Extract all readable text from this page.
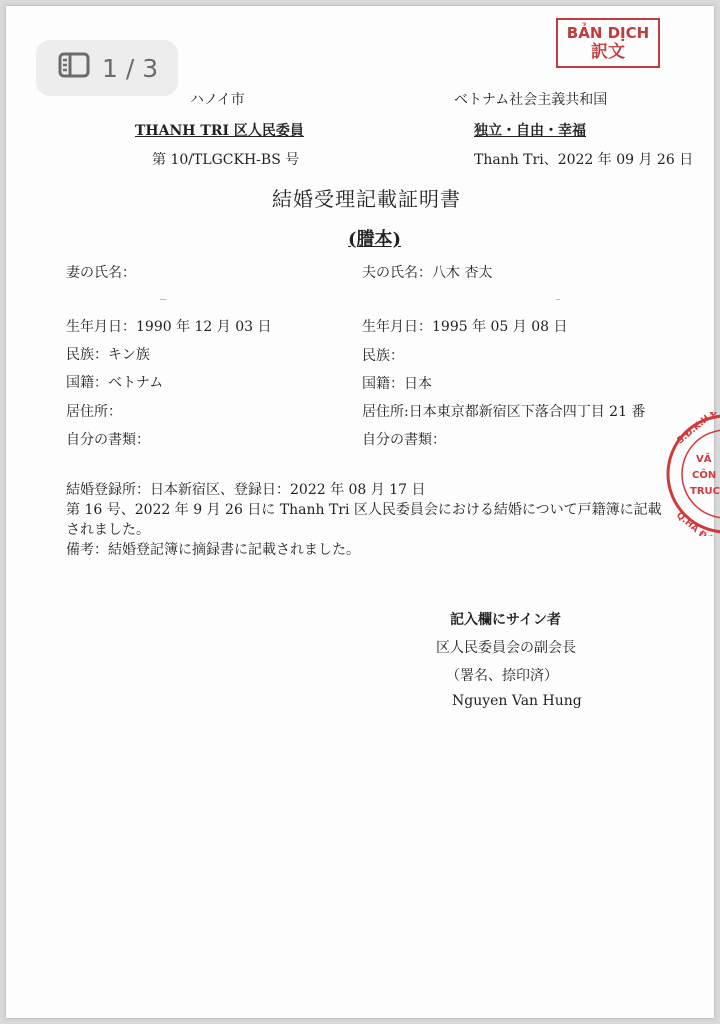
1 / 3
BẢN DỊCH
訳文
ハノイ市
THANH TRI 区人民委員
第 10/TLGCKH-BS 号
ベトナム社会主義共和国
独立・自由・幸福
Thanh Tri、2022 年 09 月 26 日
結婚受理記載証明書
(謄本)
妻の氏名：
生年月日：1990 年 12 月 03 日
民族：キン族
国籍：ベトナム
居住所：
自分の書類：
夫の氏名：八木 杏太
生年月日：1995 年 05 月 08 日
民族：
国籍：日本
居住所:日本東京都新宿区下落合四丁目 21 番
自分の書類：
結婚登録所：日本新宿区、登録日：2022 年 08 月 17 日
第 16 号、2022 年 9 月 26 日に Thanh Tri 区人民委員会における結婚について戸籍簿に記載されました。
備考：結婚登記簿に摘録書に記載されました。
記入欄にサイン者
区人民委員会の副会長
（署名、捺印済）
Nguyen Van Hung
S.Đ.K.H.Đ
VĂ
CÔN
TRUC
Q.HÀ ĐÔ
